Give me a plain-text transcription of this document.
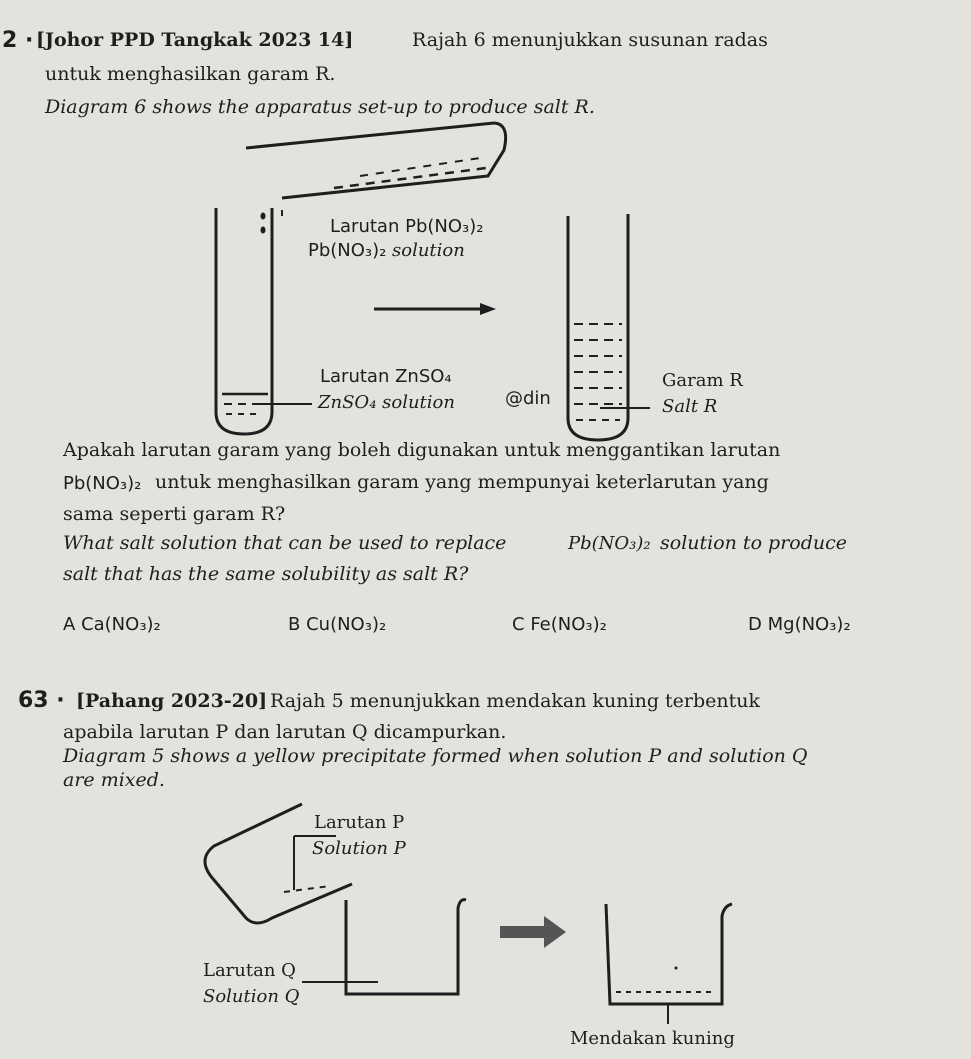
2 · [Johor PPD Tangkak 2023 14]	Rajah 6 menunjukkan susunan radas
untuk menghasilkan garam R.
Diagram 6 shows the apparatus set-up to produce salt R.
Larutan Pb(NO₃)₂
Pb(NO₃)₂ solution
Larutan ZnSO₄
ZnSO₄ solution	@din
Garam R
Salt R
Apakah larutan garam yang boleh digunakan untuk menggantikan larutan
Pb(NO₃)₂ untuk menghasilkan garam yang mempunyai keterlarutan yang
sama seperti garam R?
What salt solution that can be used to replace	Pb(NO₃)₂ solution to produce
salt that has the same solubility as salt R?
A Ca(NO₃)₂	B Cu(NO₃)₂	C Fe(NO₃)₂	D Mg(NO₃)₂
63 · [Pahang 2023-20] Rajah 5 menunjukkan mendakan kuning terbentuk
apabila larutan P dan larutan Q dicampurkan.
Diagram 5 shows a yellow precipitate formed when solution P and solution Q
are mixed.
Larutan P
Solution P
Larutan Q
Solution Q
Mendakan kuning
